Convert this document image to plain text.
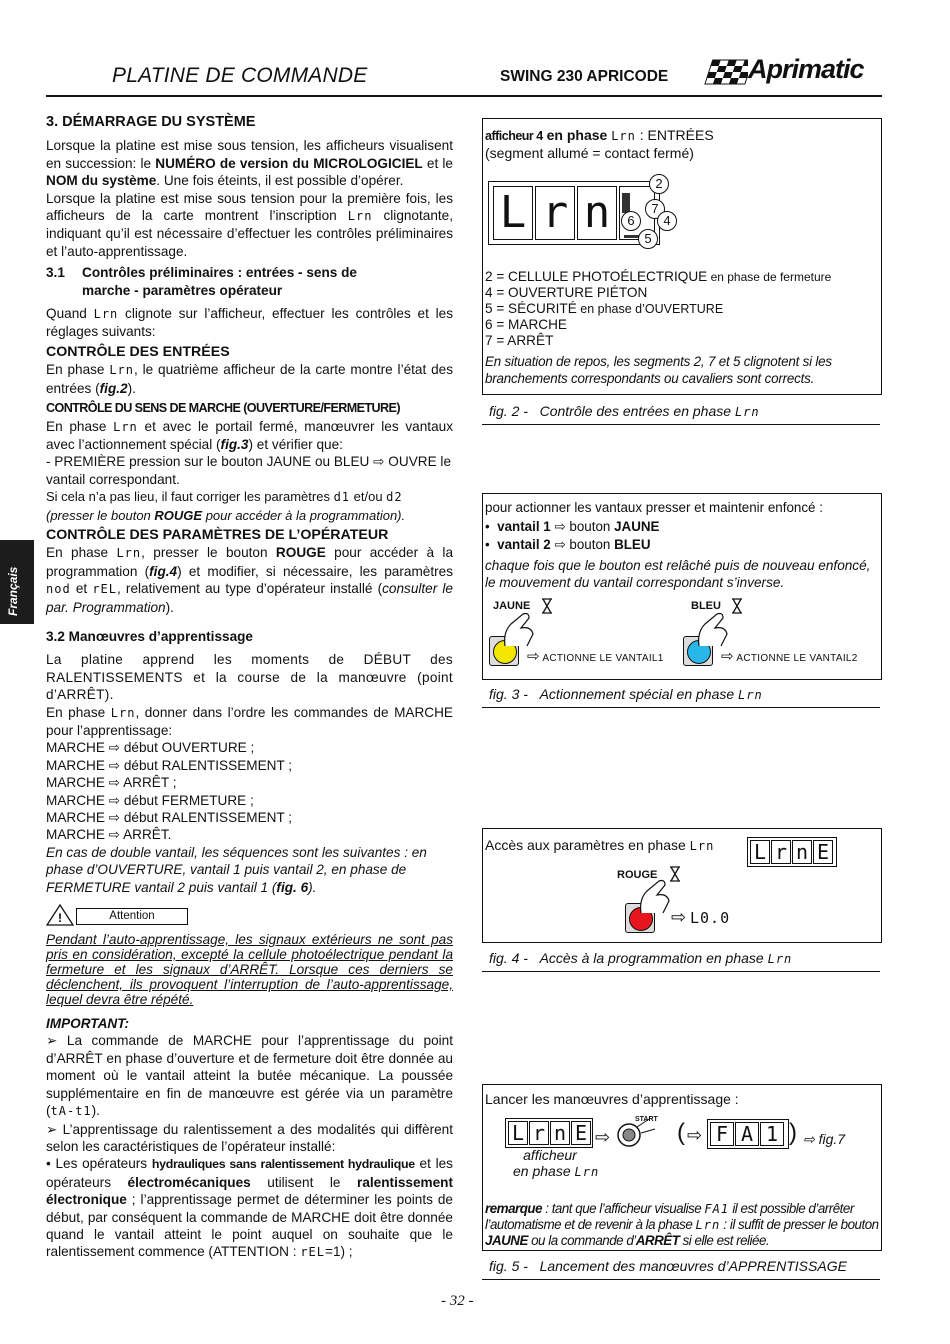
PLATINE DE COMMANDE	SWING 230 APRICODE	Aprimatic
Français

3. DÉMARRAGE DU SYSTÈME

Lorsque la platine est mise sous tension, les afficheurs visualisent en succession: le NUMÉRO de version du MICROLOGICIEL et le NOM du système. Une fois éteints, il est possible d’opérer.

Lorsque la platine est mise sous tension pour la première fois, les afficheurs de la carte montrent l’inscription Lrn clignotante, indiquant qu’il est nécessaire d’effectuer les contrôles préliminaires et l’auto-apprentissage.

3.1 Contrôles préliminaires : entrées - sens de
marche - paramètres opérateur

Quand Lrn clignote sur l’afficheur, effectuer les contrôles et les réglages suivants:

CONTRÔLE DES ENTRÉES

En phase Lrn, le quatrième afficheur de la carte montre l’état des entrées (fig.2).

CONTRÔLE DU SENS DE MARCHE (OUVERTURE/FERMETURE)

En phase Lrn et avec le portail fermé, manœuvrer les vantaux avec l’actionnement spécial (fig.3) et vérifier que:

- PREMIÈRE pression sur le bouton JAUNE ou BLEU ⇨ OUVRE le vantail correspondant.

Si cela n’a pas lieu, il faut corriger les paramètres d1 et/ou d2
(presser le bouton ROUGE pour accéder à la programmation).

CONTRÔLE DES PARAMÈTRES DE L’OPÉRATEUR

En phase Lrn, presser le bouton ROUGE pour accéder à la programmation (fig.4) et modifier, si nécessaire, les paramètres nod et rEL, relativement au type d’opérateur installé (consulter le par. Programmation).

3.2 Manœuvres d’apprentissage

La platine apprend les moments de DÉBUT des RALENTISSEMENTS et la course de la manœuvre (point d’ARRÊT).

En phase Lrn, donner dans l’ordre les commandes de MARCHE pour l’apprentissage:

MARCHE ⇨ début OUVERTURE ;

MARCHE ⇨ début RALENTISSEMENT ;

MARCHE ⇨ ARRÊT ;

MARCHE ⇨ début FERMETURE ;

MARCHE ⇨ début RALENTISSEMENT ;

MARCHE ⇨ ARRÊT.

En cas de double vantail, les séquences sont les suivantes : en phase d’OUVERTURE, vantail 1 puis vantail 2, en phase de FERMETURE vantail 2 puis vantail 1 (fig. 6).

!	Attention

Pendant l’auto-apprentissage, les signaux extérieurs ne sont pas pris en considération, excepté la cellule photoélectrique pendant la fermeture et les signaux d’ARRÊT. Lorsque ces derniers se déclenchent, ils provoquent l’interruption de l’auto-apprentissage, lequel devra être répété.

IMPORTANT:

➢ La commande de MARCHE pour l’apprentissage du point d’ARRÊT en phase d’ouverture et de fermeture doit être donnée au moment où le vantail atteint la butée mécanique. La poussée supplémentaire en fin de manœuvre est gérée via un paramètre (tA-t1).

➢ L’apprentissage du ralentissement a des modalités qui diffèrent selon les caractéristiques de l’opérateur installé:

• Les opérateurs hydrauliques sans ralentissement hydraulique et les opérateurs électromécaniques utilisent le ralentissement électronique ; l’apprentissage permet de déterminer les points de début, par conséquent la commande de MARCHE doit être donnée quand le vantail atteint le point auquel on souhaite que le ralentissement commence (ATTENTION : rEL=1) ;

afficheur 4 en phase Lrn : ENTRÉES
(segment allumé = contact fermé)
L r n
2
7
6	4
5
2 = CELLULE PHOTOÉLECTRIQUE en phase de fermeture
4 = OUVERTURE PIÉTON
5 = SÉCURITÉ en phase d’OUVERTURE
6 = MARCHE
7 = ARRÊT
En situation de repos, les segments 2, 7 et 5 clignotent si les branchements correspondants ou cavaliers sont corrects.
fig. 2 - Contrôle des entrées en phase Lrn
pour actionner les vantaux presser et maintenir enfoncé :
•  vantail 1 ⇨ bouton JAUNE
•  vantail 2 ⇨ bouton BLEU
chaque fois que le bouton est relâché puis de nouveau enfoncé, le mouvement du vantail correspondant s’inverse.
JAUNE
⇨ ACTIONNE LE VANTAIL1
BLEU
⇨ ACTIONNE LE VANTAIL2
fig. 3 - Actionnement spécial en phase Lrn
Accès aux paramètres en phase Lrn L r n E
ROUGE
⇨ L0.0
fig. 4 - Accès à la programmation en phase Lrn
Lancer les manœuvres d’apprentissage :
L r n E
afficheur
en phase Lrn
⇨
START ( ⇨ F A 1 ) ⇨ fig.7
remarque : tant que l’afficheur visualise FA1 il est possible d’arrêter l’automatisme et de revenir à la phase Lrn : il suffit de presser le bouton JAUNE ou la commande d’ARRÊT si elle est reliée.
fig. 5 - Lancement des manœuvres d’APPRENTISSAGE
- 32 -
